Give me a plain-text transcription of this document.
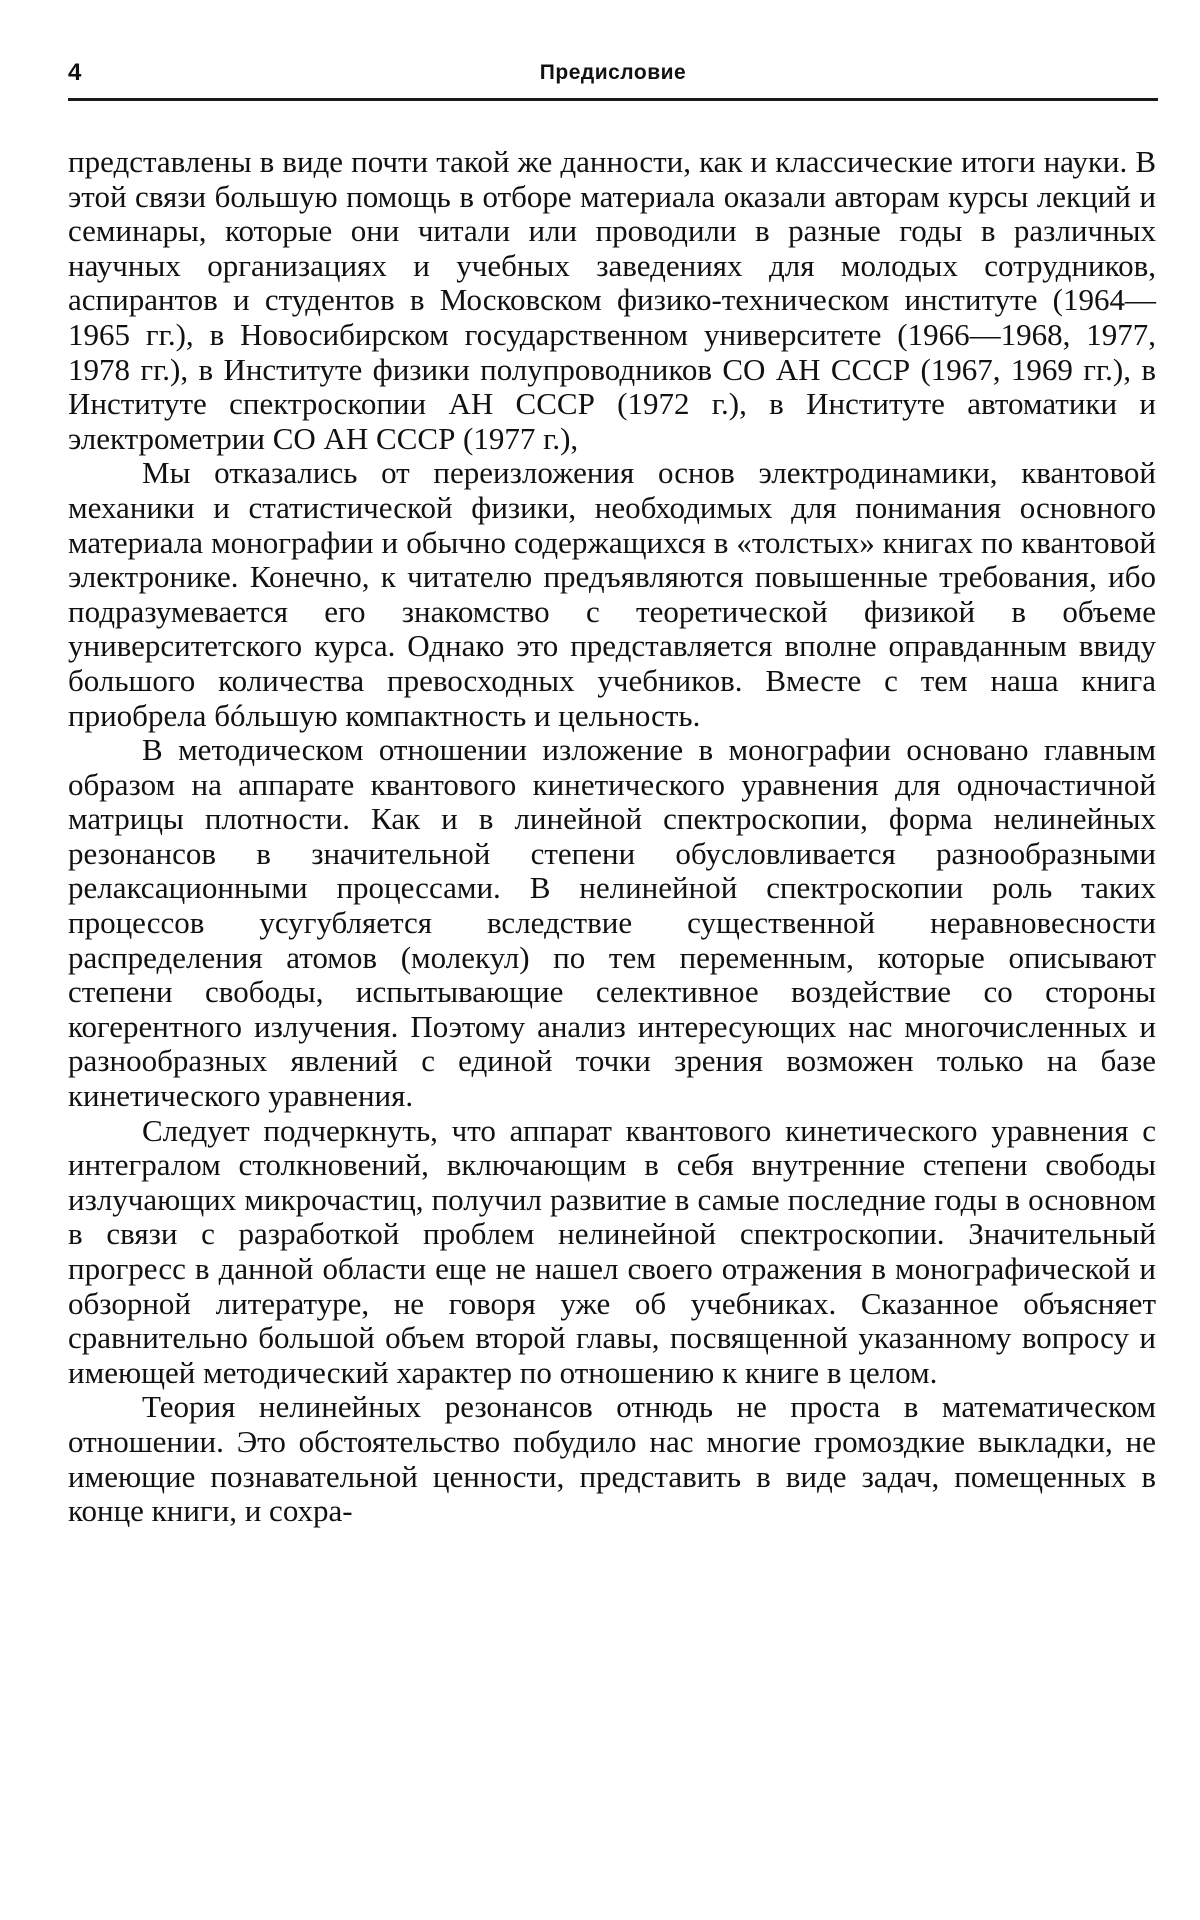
4	Предисловие

представлены в виде почти такой же данности, как и классические итоги науки. В этой связи большую помощь в отборе материала оказали авторам курсы лекций и семинары, которые они читали или проводили в разные годы в различных научных организациях и учебных заведениях для молодых сотрудников, аспирантов и студентов в Московском физико-техническом институте (1964—1965 гг.), в Новосибирском государственном университете (1966—1968, 1977, 1978 гг.), в Институте физики полупроводников СО АН СССР (1967, 1969 гг.), в Институте спектроскопии АН СССР (1972 г.), в Институте автоматики и электрометрии СО АН СССР (1977 г.),

Мы отказались от переизложения основ электродинамики, квантовой механики и статистической физики, необходимых для понимания основного материала монографии и обычно содержащихся в «толстых» книгах по квантовой электронике. Конечно, к читателю предъявляются повышенные требования, ибо подразумевается его знакомство с теоретической физикой в объеме университетского курса. Однако это представляется вполне оправданным ввиду большого количества превосходных учебников. Вместе с тем наша книга приобрела бóльшую компактность и цельность.

В методическом отношении изложение в монографии основано главным образом на аппарате квантового кинетического уравнения для одночастичной матрицы плотности. Как и в линейной спектроскопии, форма нелинейных резонансов в значительной степени обусловливается разнообразными релаксационными процессами. В нелинейной спектроскопии роль таких процессов усугубляется вследствие существенной неравновесности распределения атомов (молекул) по тем переменным, которые описывают степени свободы, испытывающие селективное воздействие со стороны когерентного излучения. Поэтому анализ интересующих нас многочисленных и разнообразных явлений с единой точки зрения возможен только на базе кинетического уравнения.

Следует подчеркнуть, что аппарат квантового кинетического уравнения с интегралом столкновений, включающим в себя внутренние степени свободы излучающих микрочастиц, получил развитие в самые последние годы в основном в связи с разработкой проблем нелинейной спектроскопии. Значительный прогресс в данной области еще не нашел своего отражения в монографической и обзорной литературе, не говоря уже об учебниках. Сказанное объясняет сравнительно большой объем второй главы, посвященной указанному вопросу и имеющей методический характер по отношению к книге в целом.

Теория нелинейных резонансов отнюдь не проста в математическом отношении. Это обстоятельство побудило нас многие громоздкие выкладки, не имеющие познавательной ценности, представить в виде задач, помещенных в конце книги, и сохра-
